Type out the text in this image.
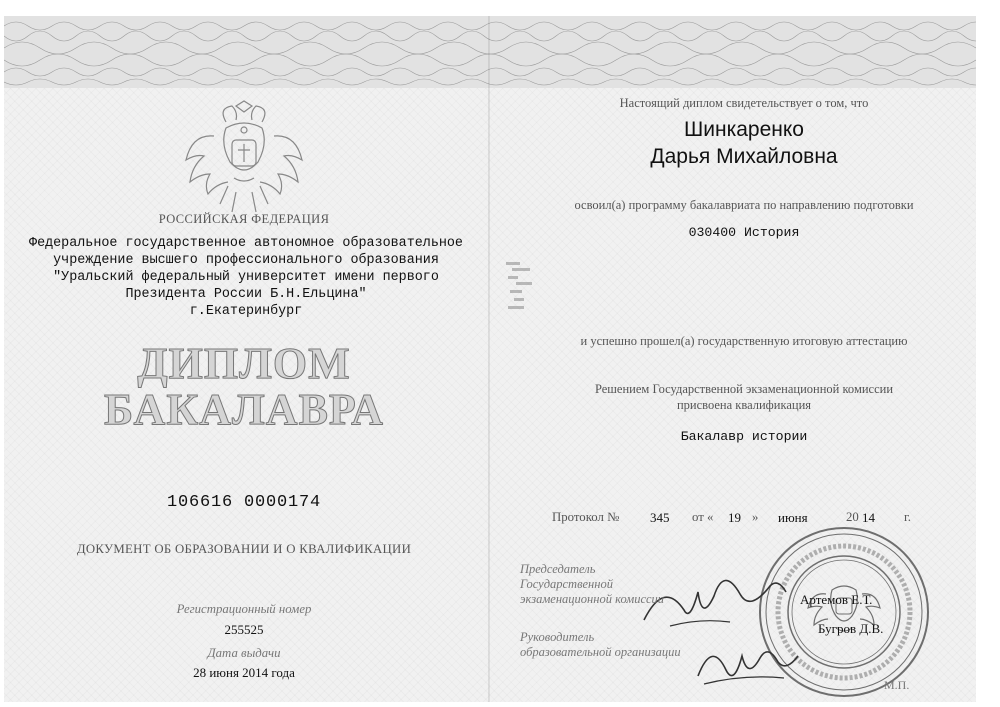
РОССИЙСКАЯ ФЕДЕРАЦИЯ
Федеральное государственное автономное образовательное
учреждение высшего профессионального образования
"Уральский федеральный университет имени первого
Президента России Б.Н.Ельцина"
г.Екатеринбург
ДИПЛОМ
БАКАЛАВРА
106616 0000174
ДОКУМЕНТ ОБ ОБРАЗОВАНИИ И О КВАЛИФИКАЦИИ
Регистрационный номер
255525
Дата выдачи
28 июня 2014 года
Настоящий диплом свидетельствует о том, что
Шинкаренко
Дарья Михайловна
освоил(а) программу бакалавриата по направлению подготовки
030400 История
и успешно прошел(а) государственную итоговую аттестацию
Решением Государственной экзаменационной комиссии
присвоена квалификация
Бакалавр истории
Протокол № 345 от « 19 » июня	20 14 г.
Председатель
Государственной
экзаменационной комиссии	Артемов Е.Т.
Руководитель
образовательной организации
Бугров Д.В.
М.П.
